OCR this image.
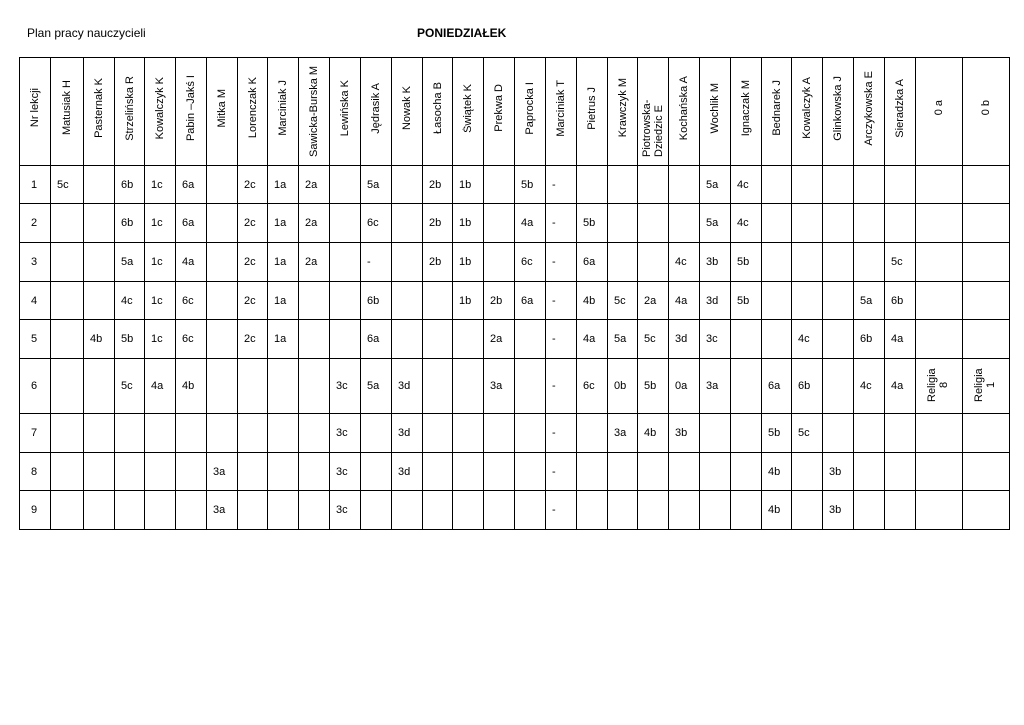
Plan pracy nauczycieli	PONIEDZIAŁEK
Nr lekcji	Matusiak H	Pasternak K	Strzelińska R	Kowalczyk K	Pabin –Jakś I	Mitka M	Lorenczak K	Marciniak J	Sawicka-Burska M	Lewińska K	Jędrasik A	Nowak K	Łasocha B	Świątek K	Prekwa D	Paprocka I	Marciniak T	Pietrus J	Krawczyk M	Piotrowska-Dziedzic E	Kochańska A	Wochlik M	Ignaczak M	Bednarek J	Kowalczyk A	Glinkowska J	Arczykowska E	Sieradzka A	0 a	0 b
1	5c		6b	1c	6a		2c	1a	2a		5a		2b	1b		5b	-					5a	4c							
2			6b	1c	6a		2c	1a	2a		6c		2b	1b		4a	-	5b				5a	4c							
3			5a	1c	4a		2c	1a	2a		-		2b	1b		6c	-	6a			4c	3b	5b					5c		
4			4c	1c	6c		2c	1a			6b			1b	2b	6a	-	4b	5c	2a	4a	3d	5b				5a	6b		
5		4b	5b	1c	6c		2c	1a			6a				2a		-	4a	5a	5c	3d	3c			4c		6b	4a		
6			5c	4a	4b					3c	5a	3d			3a		-	6c	0b	5b	0a	3a		6a	6b		4c	4a	Religia 8	Religia 1
7										3c		3d					-		3a	4b	3b			5b	5c					
8						3a				3c		3d					-							4b		3b				
9						3a				3c							-							4b		3b				
